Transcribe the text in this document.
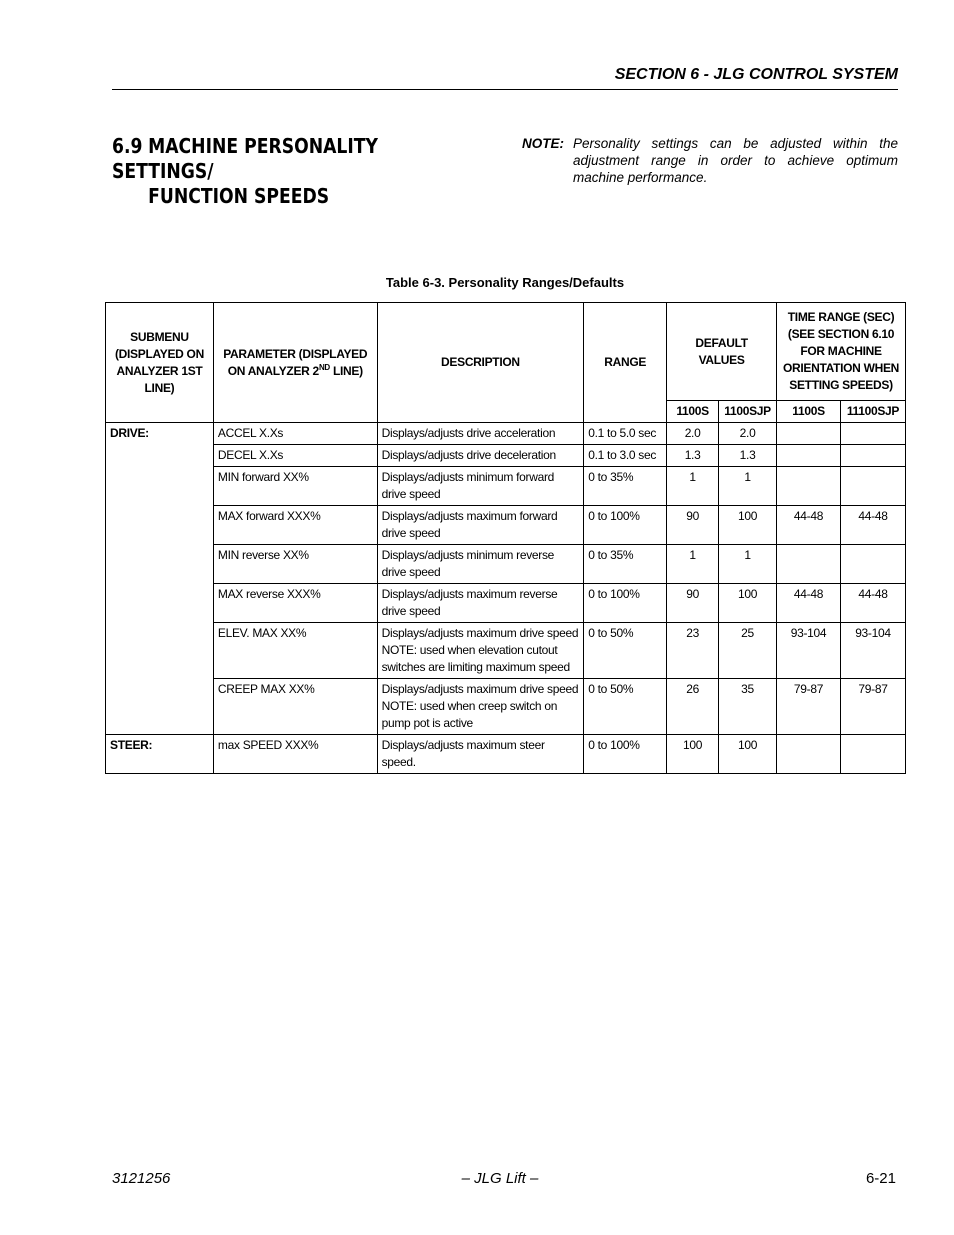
SECTION 6 - JLG CONTROL SYSTEM
6.9 MACHINE PERSONALITY SETTINGS/
FUNCTION SPEEDS
NOTE: Personality settings can be adjusted within the adjustment range in order to achieve optimum machine performance.
Table 6-3. Personality Ranges/Defaults
SUBMENU (DISPLAYED ON ANALYZER 1ST LINE)	PARAMETER (DISPLAYED ON ANALYZER 2ND LINE)	DESCRIPTION	RANGE	DEFAULT VALUES		TIME RANGE (SEC) (SEE SECTION 6.10 FOR MACHINE ORIENTATION WHEN SETTING SPEEDS)	
				1100S	1100SJP	1100S	11100SJP
DRIVE:	ACCEL X.Xs	Displays/adjusts drive acceleration	0.1 to 5.0 sec	2.0	2.0		
	DECEL X.Xs	Displays/adjusts drive deceleration	0.1 to 3.0 sec	1.3	1.3		
	MIN forward XX%	Displays/adjusts minimum forward drive speed	0 to 35%	1	1		
	MAX forward XXX%	Displays/adjusts maximum forward drive speed	0 to 100%	90	100	44-48	44-48
	MIN reverse XX%	Displays/adjusts minimum reverse drive speed	0 to 35%	1	1		
	MAX reverse XXX%	Displays/adjusts maximum reverse drive speed	0 to 100%	90	100	44-48	44-48
	ELEV. MAX XX%	Displays/adjusts maximum drive speed NOTE: used when elevation cutout switches are limiting maximum speed	0 to 50%	23	25	93-104	93-104
	CREEP MAX XX%	Displays/adjusts maximum drive speed NOTE: used when creep switch on pump pot is active	0 to 50%	26	35	79-87	79-87
STEER:	max SPEED XXX%	Displays/adjusts maximum steer speed.	0 to 100%	100	100		
3121256	– JLG Lift –	6-21
